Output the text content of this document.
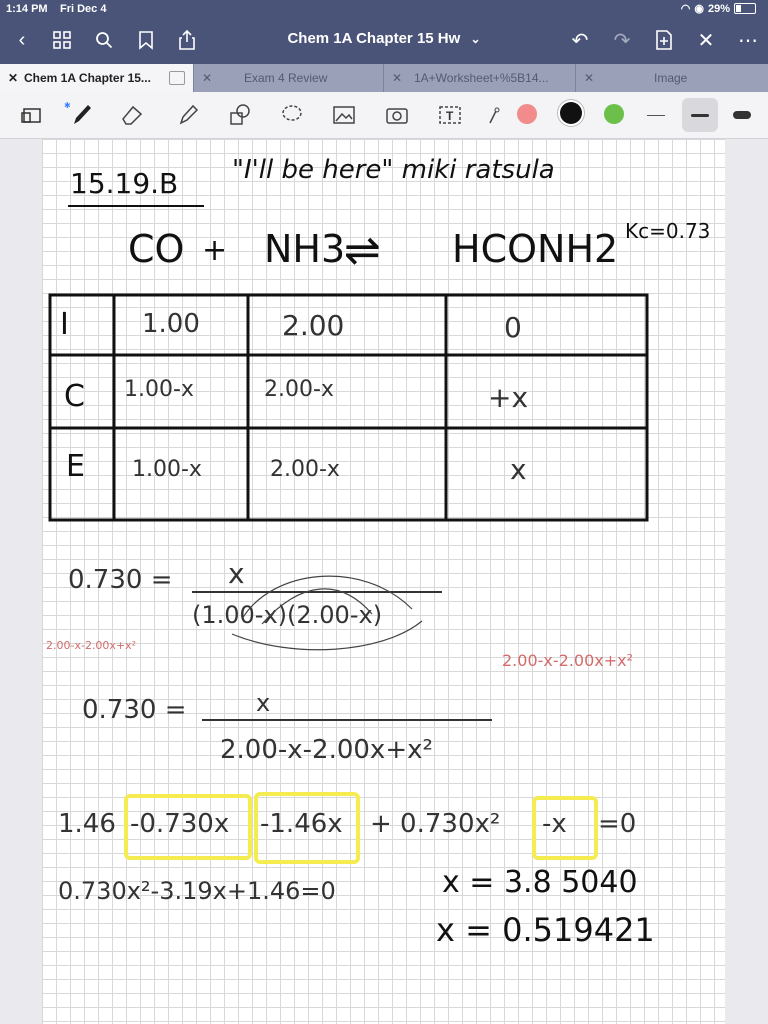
1:14 PM Fri Dec 4	◠ ◉ 29%
‹	Chem 1A Chapter 15 Hw ⌄	↶ ↷	✕ ⋯
✕ Chem 1A Chapter 15...	✕	Exam 4 Review	✕ 1A+Worksheet+%5B14...	✕	Image
✱
T
15.19.B "I'll be here" miki ratsula
Kc=0.73
CO + NH3
⇌ HCONH2
I	1.00	2.00	0
C 1.00-x	2.00-x	+x
E 1.00-x	2.00-x	x
0.730 = x
(1.00-x)(2.00-x)
2.00-x-2.00x+x²
2.00-x-2.00x+x²
0.730 =	x
2.00-x-2.00x+x²
1.46 -0.730x -1.46x + 0.730x² -x =0
0.730x²-3.19x+1.46=0	x = 3.8 5040
x = 0.519421
